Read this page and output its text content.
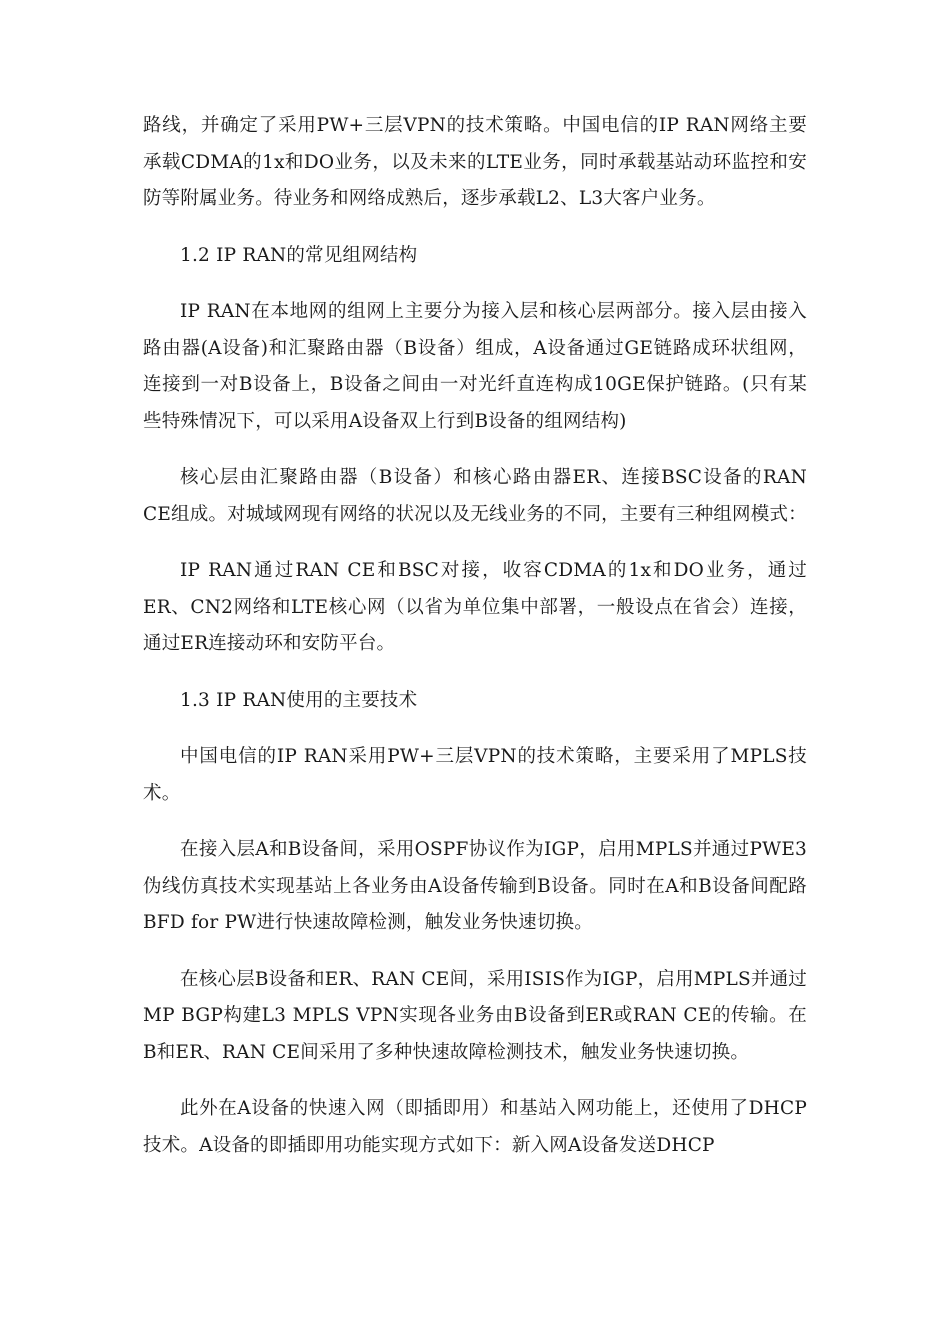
路线，并确定了采用PW+三层VPN的技术策略。中国电信的IP RAN网络主要承载CDMA的1x和DO业务，以及未来的LTE业务，同时承载基站动环监控和安防等附属业务。待业务和网络成熟后，逐步承载L2、L3大客户业务。

1.2 IP RAN的常见组网结构

IP RAN在本地网的组网上主要分为接入层和核心层两部分。接入层由接入路由器(A设备)和汇聚路由器（B设备）组成，A设备通过GE链路成环状组网，连接到一对B设备上，B设备之间由一对光纤直连构成10GE保护链路。(只有某些特殊情况下，可以采用A设备双上行到B设备的组网结构)

核心层由汇聚路由器（B设备）和核心路由器ER、连接BSC设备的RAN CE组成。对城域网现有网络的状况以及无线业务的不同，主要有三种组网模式：

IP RAN通过RAN CE和BSC对接，收容CDMA的1x和DO业务，通过ER、CN2网络和LTE核心网（以省为单位集中部署，一般设点在省会）连接，通过ER连接动环和安防平台。

1.3 IP RAN使用的主要技术

中国电信的IP RAN采用PW+三层VPN的技术策略，主要采用了MPLS技术。

在接入层A和B设备间，采用OSPF协议作为IGP，启用MPLS并通过PWE3伪线仿真技术实现基站上各业务由A设备传输到B设备。同时在A和B设备间配路BFD for PW进行快速故障检测，触发业务快速切换。

在核心层B设备和ER、RAN CE间，采用ISIS作为IGP，启用MPLS并通过MP BGP构建L3 MPLS VPN实现各业务由B设备到ER或RAN CE的传输。在B和ER、RAN CE间采用了多种快速故障检测技术，触发业务快速切换。

此外在A设备的快速入网（即插即用）和基站入网功能上，还使用了DHCP技术。A设备的即插即用功能实现方式如下：新入网A设备发送DHCP
